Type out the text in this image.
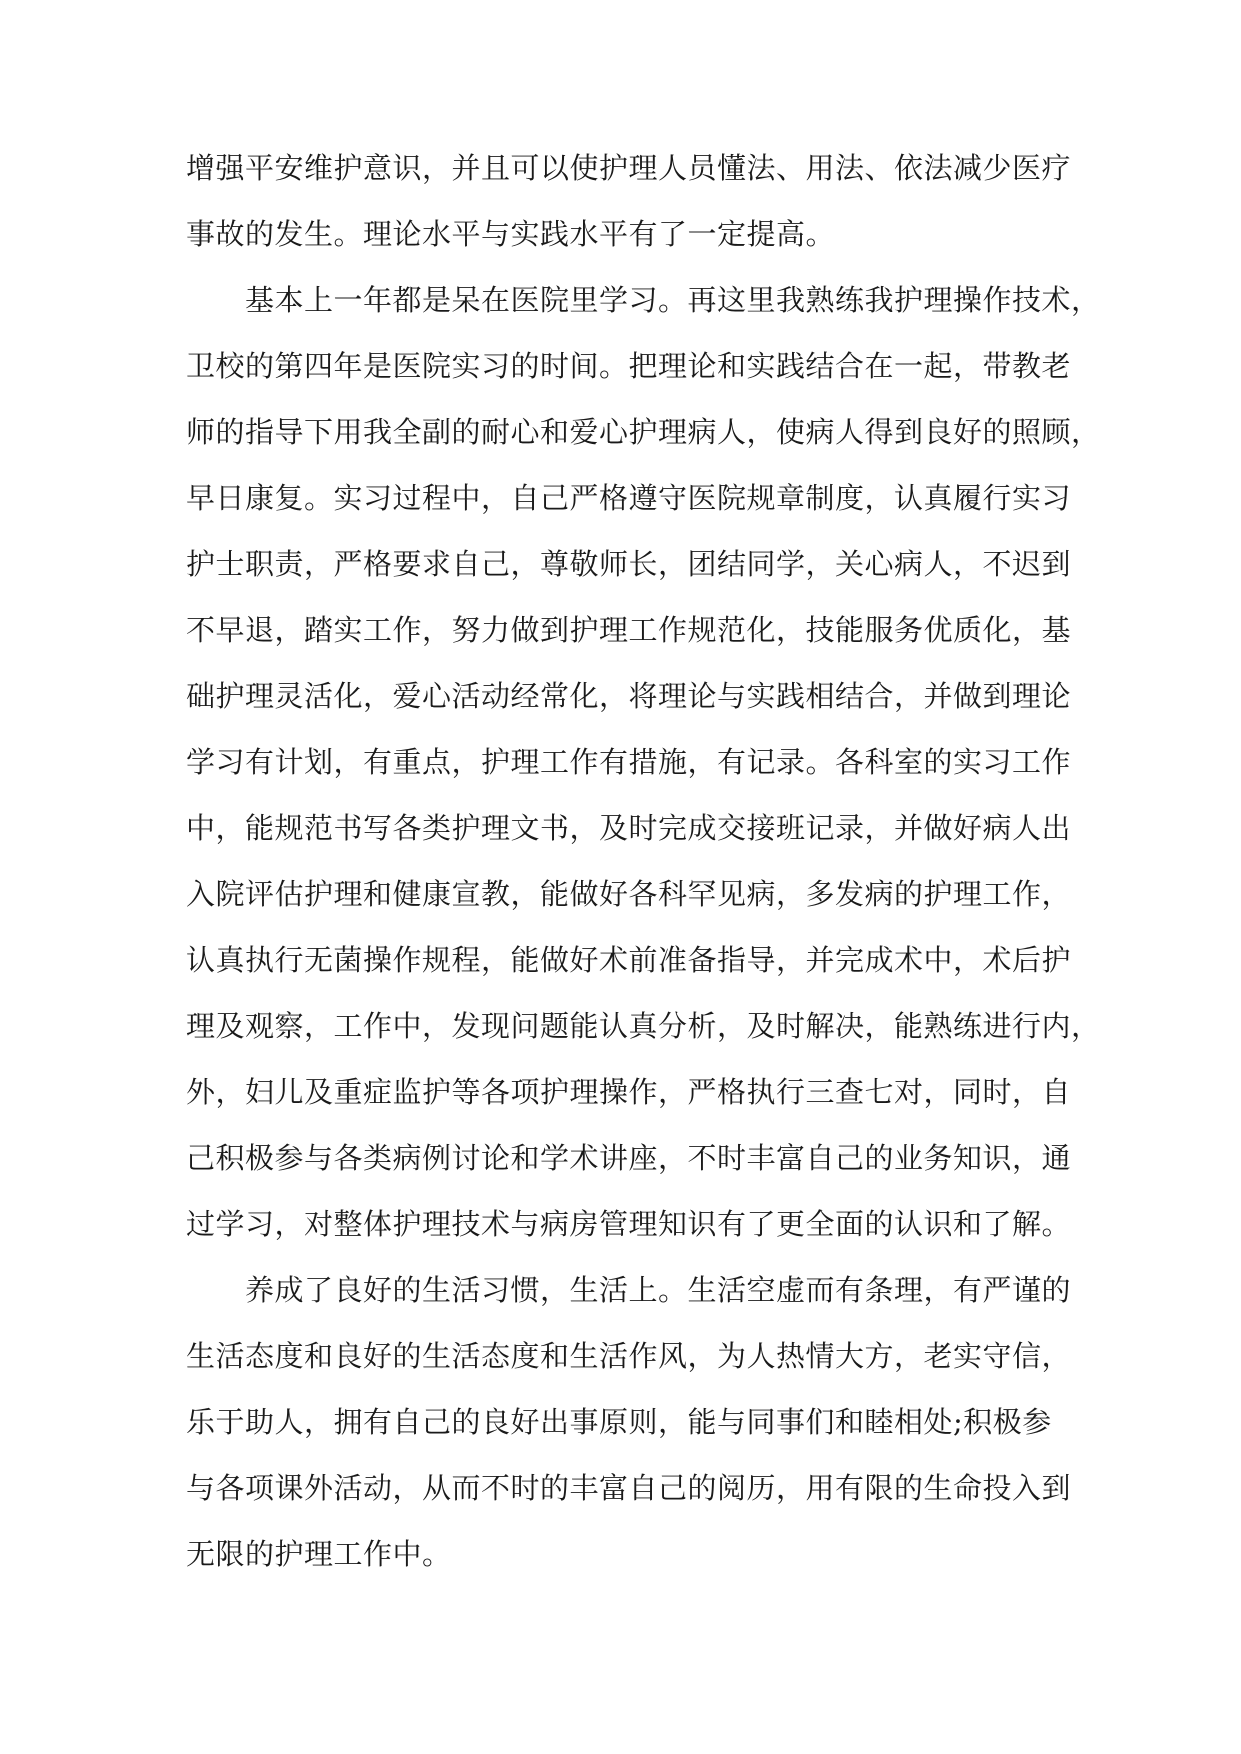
增强平安维护意识，并且可以使护理人员懂法、用法、依法减少医疗
事故的发生。理论水平与实践水平有了一定提高。
　　基本上一年都是呆在医院里学习。再这里我熟练我护理操作技术，
卫校的第四年是医院实习的时间。把理论和实践结合在一起，带教老
师的指导下用我全副的耐心和爱心护理病人，使病人得到良好的照顾，
早日康复。实习过程中，自己严格遵守医院规章制度，认真履行实习
护士职责，严格要求自己，尊敬师长，团结同学，关心病人，不迟到
不早退，踏实工作，努力做到护理工作规范化，技能服务优质化，基
础护理灵活化，爱心活动经常化，将理论与实践相结合，并做到理论
学习有计划，有重点，护理工作有措施，有记录。各科室的实习工作
中，能规范书写各类护理文书，及时完成交接班记录，并做好病人出
入院评估护理和健康宣教，能做好各科罕见病，多发病的护理工作，
认真执行无菌操作规程，能做好术前准备指导，并完成术中，术后护
理及观察，工作中，发现问题能认真分析，及时解决，能熟练进行内，
外，妇儿及重症监护等各项护理操作，严格执行三查七对，同时，自
己积极参与各类病例讨论和学术讲座，不时丰富自己的业务知识，通
过学习，对整体护理技术与病房管理知识有了更全面的认识和了解。
　　养成了良好的生活习惯，生活上。生活空虚而有条理，有严谨的
生活态度和良好的生活态度和生活作风，为人热情大方，老实守信，
乐于助人，拥有自己的良好出事原则，能与同事们和睦相处;积极参
与各项课外活动，从而不时的丰富自己的阅历，用有限的生命投入到
无限的护理工作中。
